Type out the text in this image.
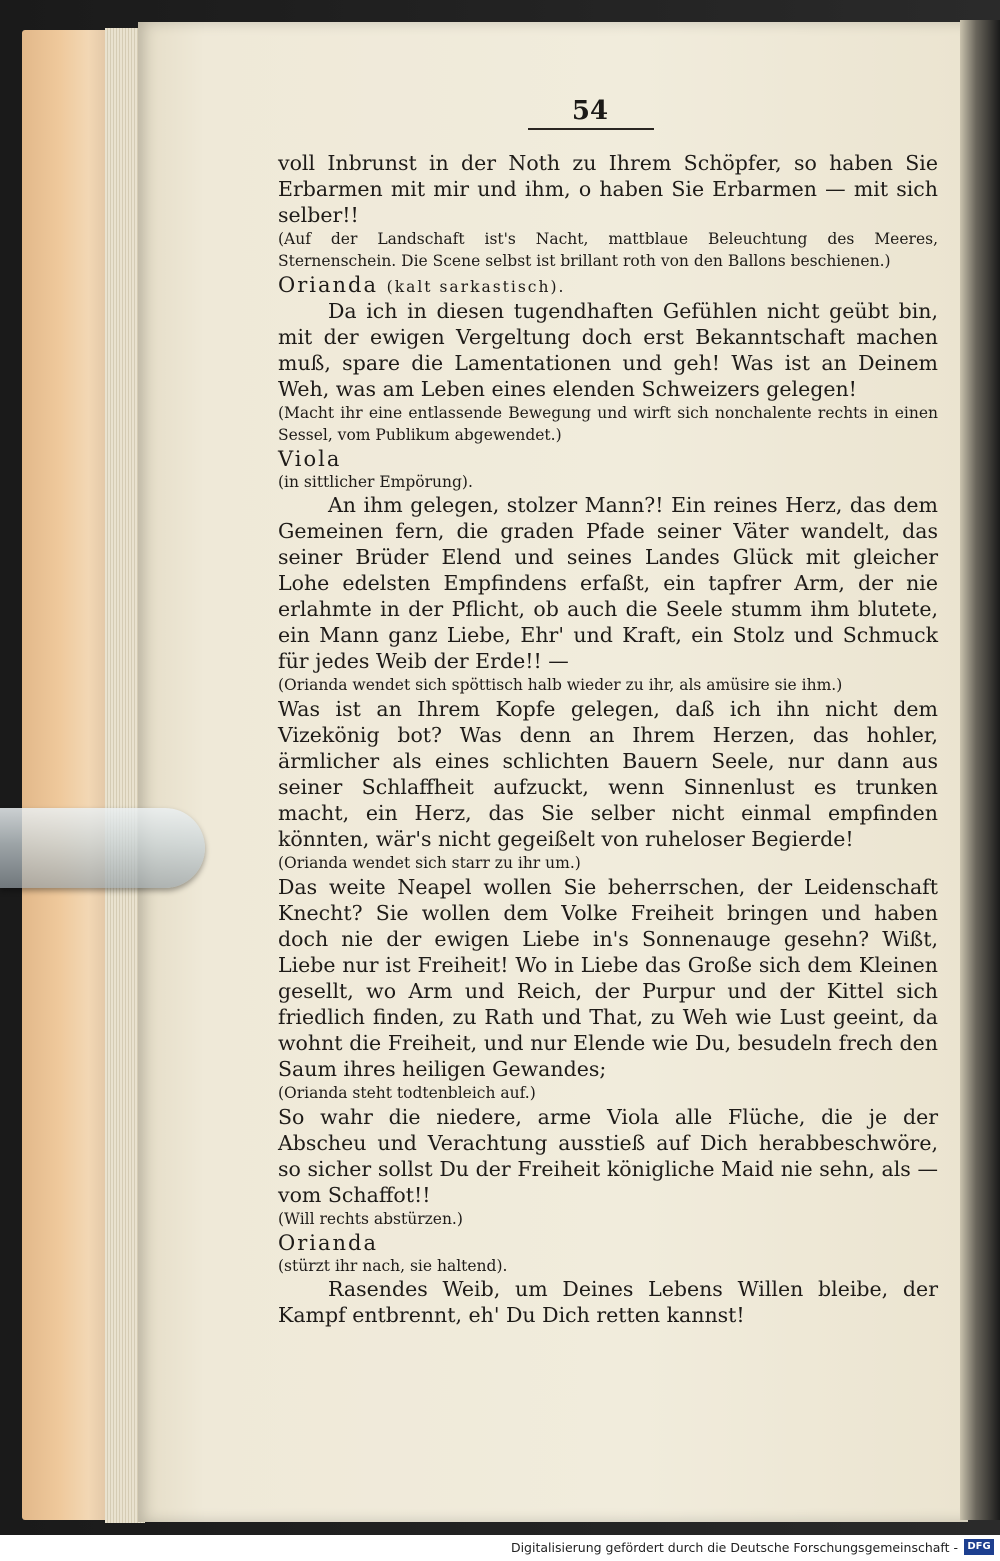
54

voll Inbrunst in der Noth zu Ihrem Schöpfer, so haben Sie Erbarmen mit mir und ihm, o haben Sie Erbarmen — mit sich selber!!

(Auf der Landschaft ist's Nacht, mattblaue Beleuchtung des Meeres, Sternenschein. Die Scene selbst ist brillant roth von den Ballons beschienen.)

Orianda (kalt sarkastisch).

Da ich in diesen tugendhaften Gefühlen nicht geübt bin, mit der ewigen Vergeltung doch erst Bekanntschaft machen muß, spare die Lamentationen und geh! Was ist an Deinem Weh, was am Leben eines elenden Schweizers gelegen!

(Macht ihr eine entlassende Bewegung und wirft sich nonchalente rechts in einen Sessel, vom Publikum abgewendet.)

Viola

(in sittlicher Empörung).

An ihm gelegen, stolzer Mann?! Ein reines Herz, das dem Gemeinen fern, die graden Pfade seiner Väter wandelt, das seiner Brüder Elend und seines Landes Glück mit gleicher Lohe edelsten Empfindens erfaßt, ein tapfrer Arm, der nie erlahmte in der Pflicht, ob auch die Seele stumm ihm blutete, ein Mann ganz Liebe, Ehr' und Kraft, ein Stolz und Schmuck für jedes Weib der Erde!! —

(Orianda wendet sich spöttisch halb wieder zu ihr, als amüsire sie ihm.)

Was ist an Ihrem Kopfe gelegen, daß ich ihn nicht dem Vizekönig bot? Was denn an Ihrem Herzen, das hohler, ärmlicher als eines schlichten Bauern Seele, nur dann aus seiner Schlaffheit aufzuckt, wenn Sinnenlust es trunken macht, ein Herz, das Sie selber nicht einmal empfinden könnten, wär's nicht gegeißelt von ruheloser Begierde!

(Orianda wendet sich starr zu ihr um.)

Das weite Neapel wollen Sie beherrschen, der Leidenschaft Knecht? Sie wollen dem Volke Freiheit bringen und haben doch nie der ewigen Liebe in's Sonnenauge gesehn? Wißt, Liebe nur ist Freiheit! Wo in Liebe das Große sich dem Kleinen gesellt, wo Arm und Reich, der Purpur und der Kittel sich friedlich finden, zu Rath und That, zu Weh wie Lust geeint, da wohnt die Freiheit, und nur Elende wie Du, besudeln frech den Saum ihres heiligen Gewandes;

(Orianda steht todtenbleich auf.)

So wahr die niedere, arme Viola alle Flüche, die je der Abscheu und Verachtung ausstieß auf Dich herabbeschwöre, so sicher sollst Du der Freiheit königliche Maid nie sehn, als — vom Schaffot!!

(Will rechts abstürzen.)

Orianda

(stürzt ihr nach, sie haltend).

Rasendes Weib, um Deines Lebens Willen bleibe, der Kampf entbrennt, eh' Du Dich retten kannst!

Digitalisierung gefördert durch die Deutsche Forschungsgemeinschaft - DFG
